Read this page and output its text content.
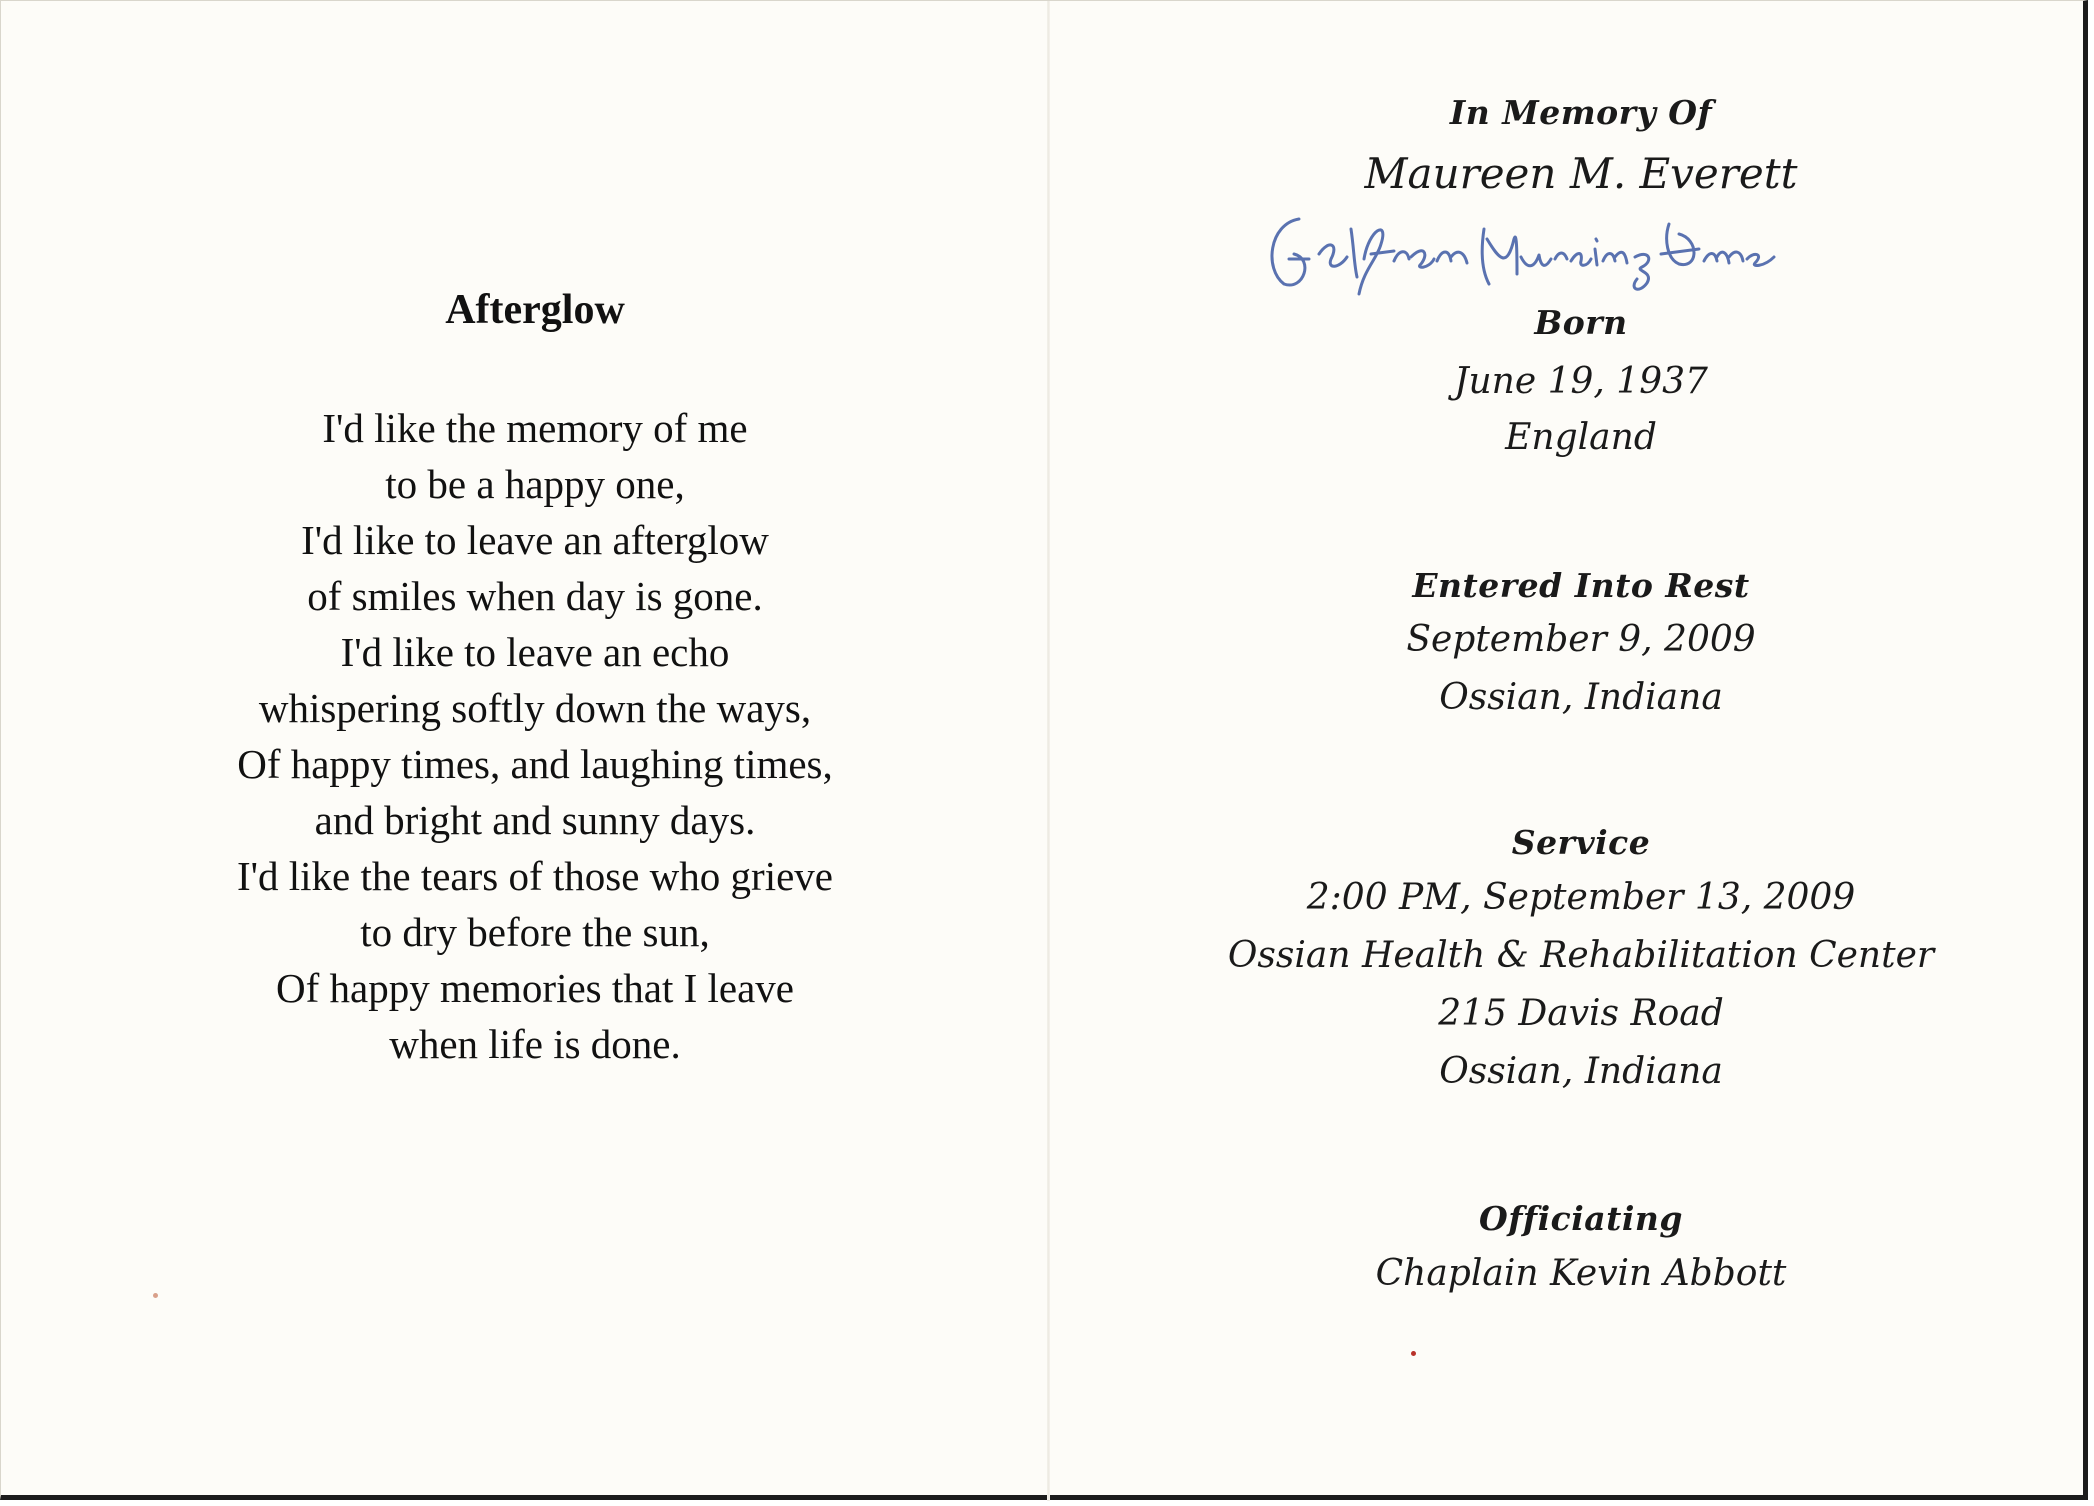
Afterglow
I'd like the memory of me
to be a happy one,
I'd like to leave an afterglow
of smiles when day is gone.
I'd like to leave an echo
whispering softly down the ways,
Of happy times, and laughing times,
and bright and sunny days.
I'd like the tears of those who grieve
to dry before the sun,
Of happy memories that I leave
when life is done.
In Memory Of
Maureen M. Everett
Born
June 19, 1937
England
Entered Into Rest
September 9, 2009
Ossian, Indiana
Service
2:00 PM, September 13, 2009
Ossian Health & Rehabilitation Center
215 Davis Road
Ossian, Indiana
Officiating
Chaplain Kevin Abbott
